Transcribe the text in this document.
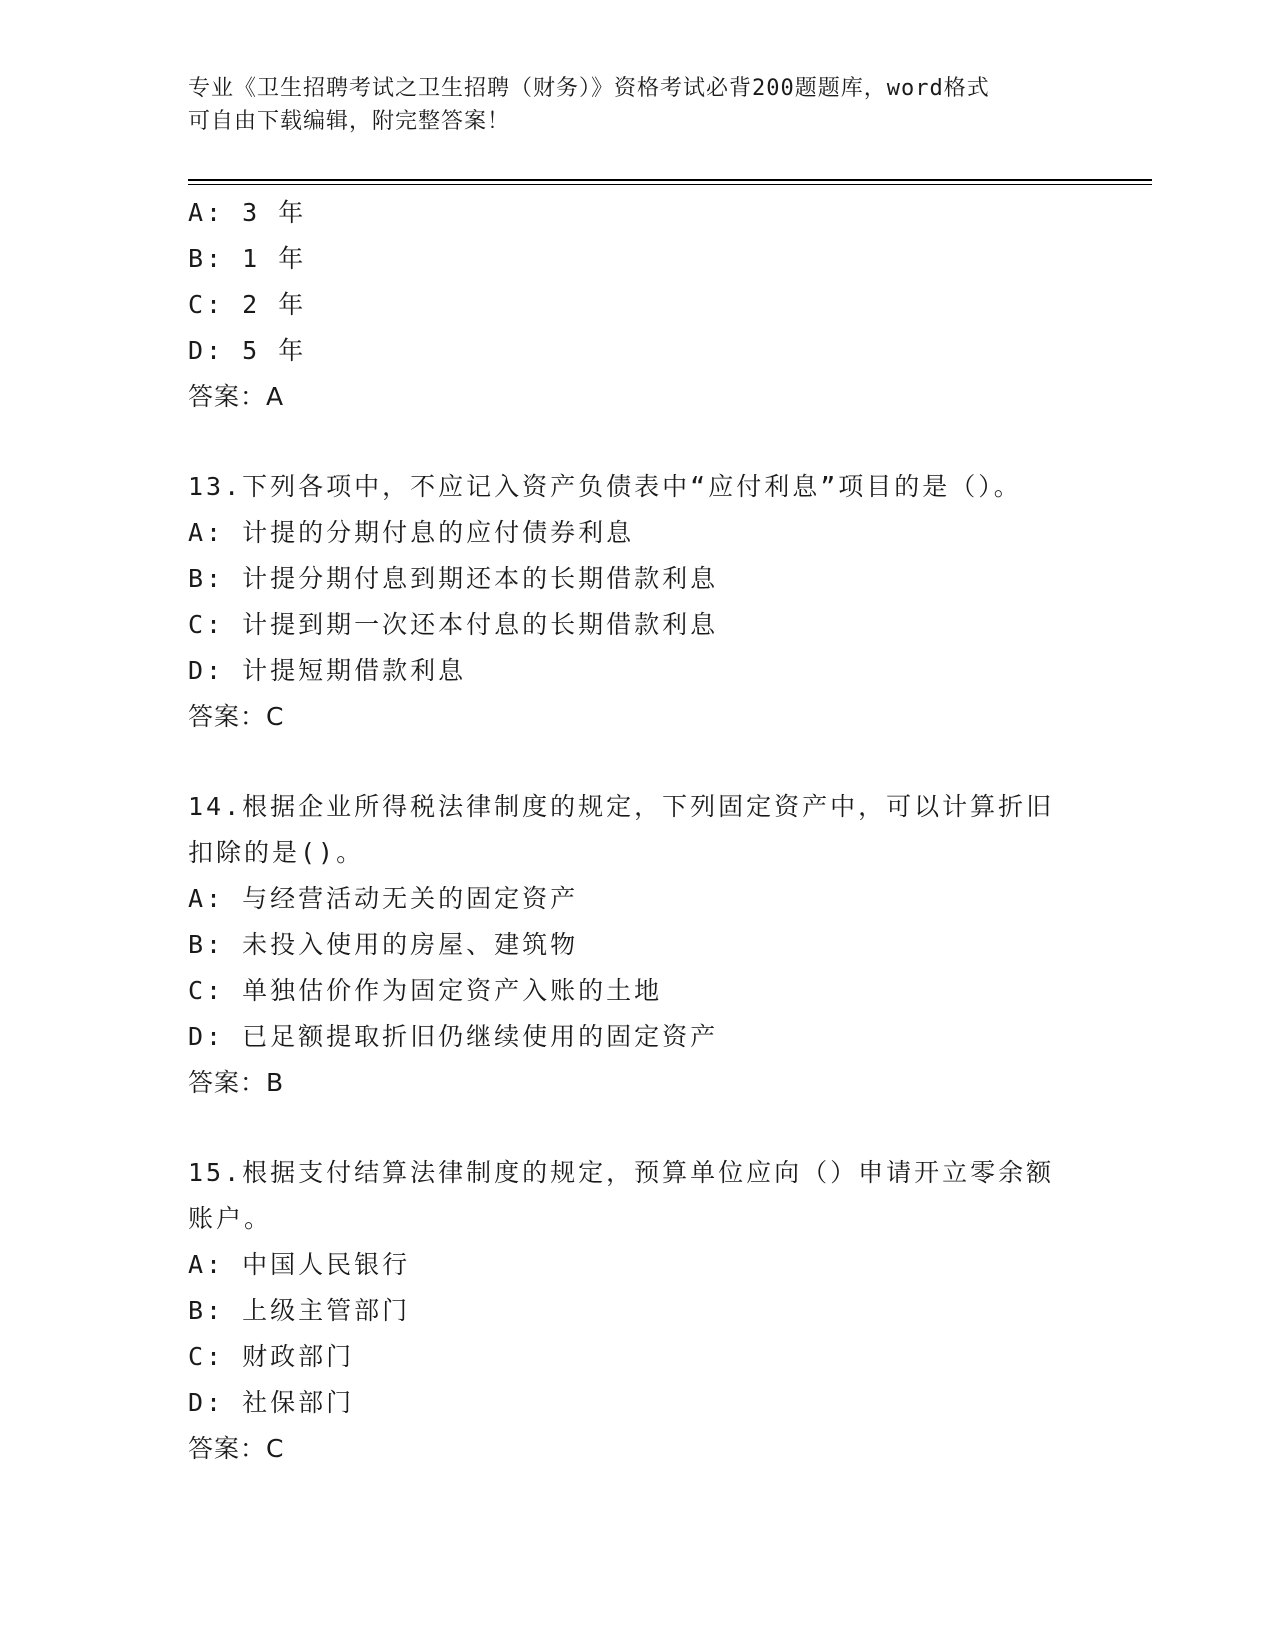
专业《卫生招聘考试之卫生招聘（财务）》资格考试必背200题题库，word格式
可自由下载编辑，附完整答案！
A: 3 年
B: 1 年
C: 2 年
D: 5 年
答案：A
13.下列各项中，不应记入资产负债表中“应付利息”项目的是（）。
A: 计提的分期付息的应付债券利息
B: 计提分期付息到期还本的长期借款利息
C: 计提到期一次还本付息的长期借款利息
D: 计提短期借款利息
答案：C
14.根据企业所得税法律制度的规定，下列固定资产中，可以计算折旧
扣除的是()。
A: 与经营活动无关的固定资产
B: 未投入使用的房屋、建筑物
C: 单独估价作为固定资产入账的土地
D: 已足额提取折旧仍继续使用的固定资产
答案：B
15.根据支付结算法律制度的规定，预算单位应向（）申请开立零余额
账户。
A: 中国人民银行
B: 上级主管部门
C: 财政部门
D: 社保部门
答案：C
